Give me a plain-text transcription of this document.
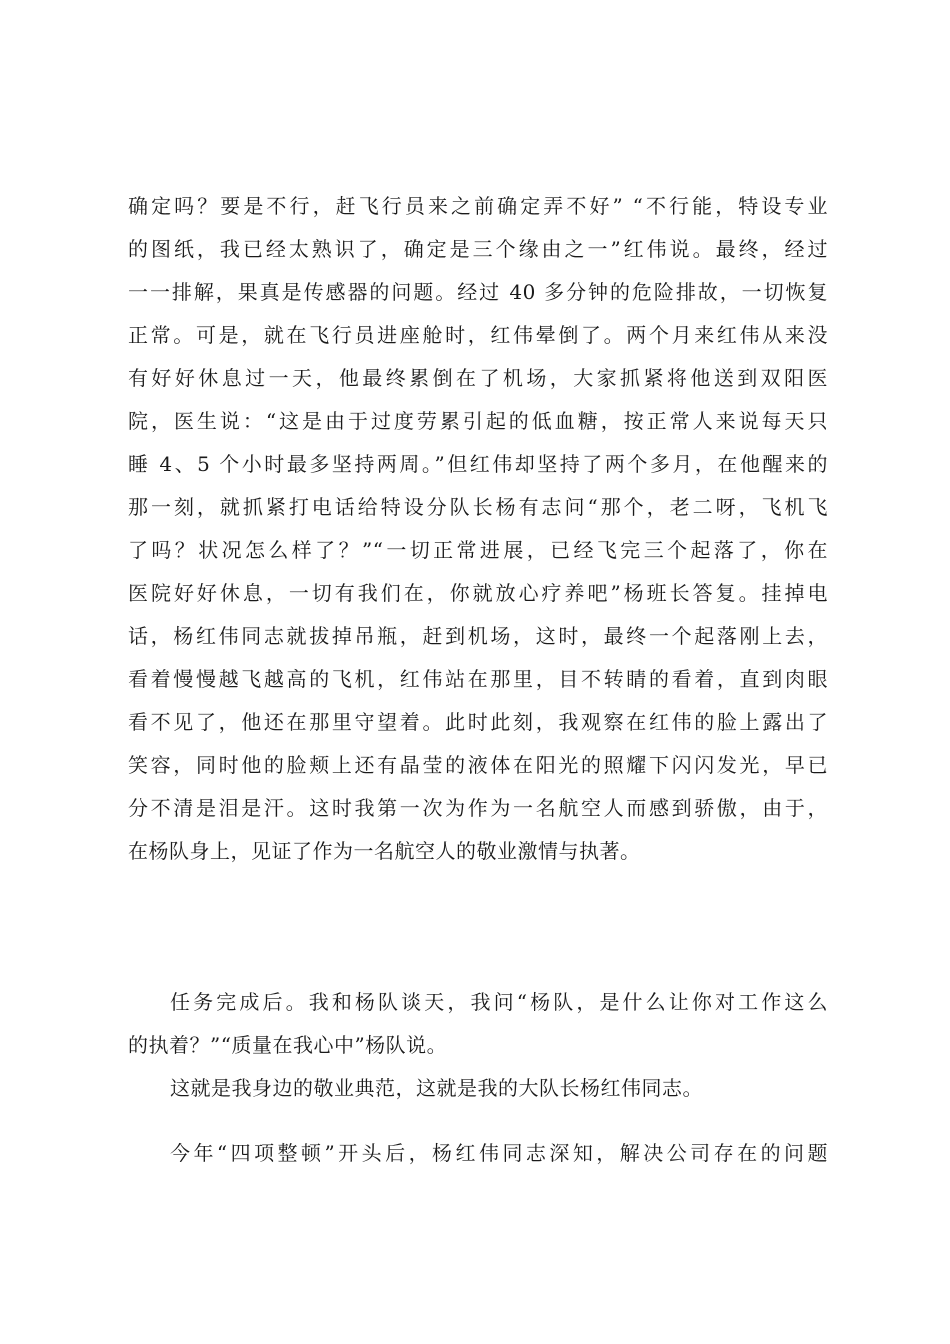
确定吗？要是不行，赶飞行员来之前确定弄不好” “不行能，特设专业
的图纸，我已经太熟识了，确定是三个缘由之一”红伟说。最终，经过
一一排解，果真是传感器的问题。经过 40 多分钟的危险排故，一切恢复
正常。可是，就在飞行员进座舱时，红伟晕倒了。两个月来红伟从来没
有好好休息过一天，他最终累倒在了机场，大家抓紧将他送到双阳医
院，医生说：“这是由于过度劳累引起的低血糖，按正常人来说每天只
睡 4、5 个小时最多坚持两周。”但红伟却坚持了两个多月，在他醒来的
那一刻，就抓紧打电话给特设分队长杨有志问“那个，老二呀，飞机飞
了吗？状况怎么样了？”“一切正常进展，已经飞完三个起落了，你在
医院好好休息，一切有我们在，你就放心疗养吧”杨班长答复。挂掉电
话，杨红伟同志就拔掉吊瓶，赶到机场，这时，最终一个起落刚上去，
看着慢慢越飞越高的飞机，红伟站在那里，目不转睛的看着，直到肉眼
看不见了，他还在那里守望着。此时此刻，我观察在红伟的脸上露出了
笑容，同时他的脸颊上还有晶莹的液体在阳光的照耀下闪闪发光，早已
分不清是泪是汗。这时我第一次为作为一名航空人而感到骄傲，由于，
在杨队身上，见证了作为一名航空人的敬业激情与执著。
任务完成后。我和杨队谈天，我问“杨队，是什么让你对工作这么
的执着？”“质量在我心中”杨队说。
这就是我身边的敬业典范，这就是我的大队长杨红伟同志。
今年“四项整顿”开头后，杨红伟同志深知，解决公司存在的问题
